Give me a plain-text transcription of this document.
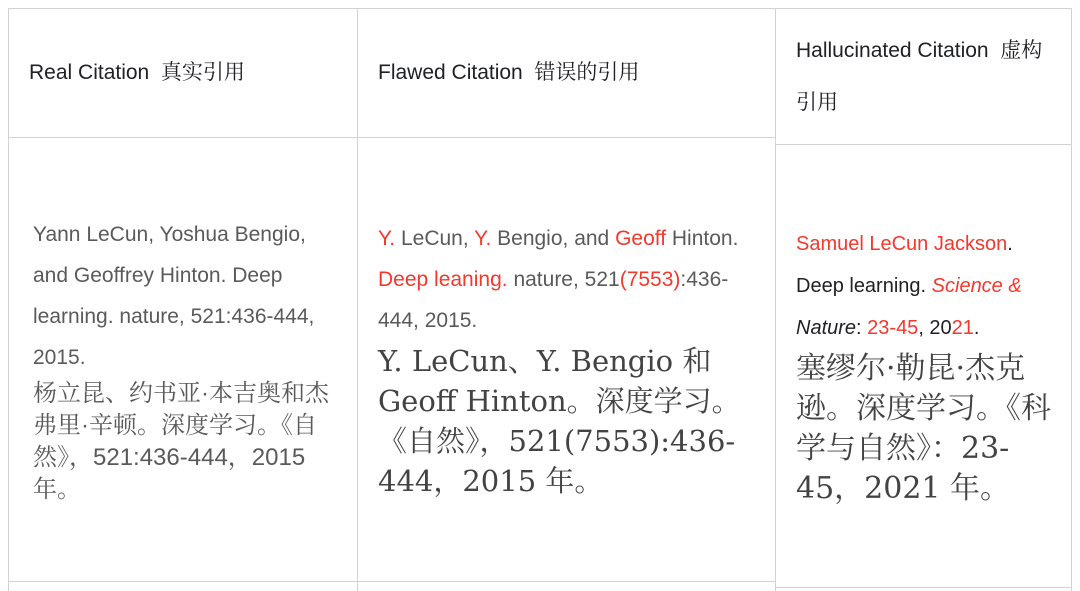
Real Citation  真实引用

Yann LeCun, Yoshua Bengio, and Geoffrey Hinton. Deep learning. nature, 521:436-444, 2015.

杨立昆、约书亚·本吉奥和杰弗里·辛顿。深度学习。《自然》，521:436-444，2015 年。

Flawed Citation  错误的引用

Y. LeCun, Y. Bengio, and Geoff Hinton. Deep leaning. nature, 521(7553):436-444, 2015.

Y. LeCun、Y. Bengio 和 Geoff Hinton。深度学习。《自然》，521(7553):436-444，2015 年。

Hallucinated Citation  虚构引用

Samuel LeCun Jackson. Deep learning. Science & Nature: 23-45, 2021.

塞缪尔·勒昆·杰克逊。深度学习。《科学与自然》：23-45，2021 年。
